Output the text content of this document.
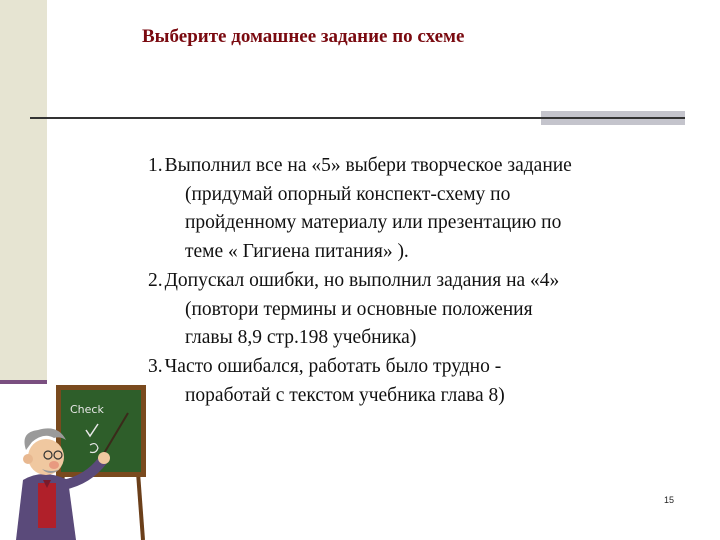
Выберите домашнее задание по схеме
1. Выполнил все на «5» выбери творческое задание
(придумай опорный конспект-схему по
пройденному материалу или презентацию по
теме « Гигиена питания» ).
2. Допускал ошибки, но выполнил задания на «4»
(повтори термины и основные положения
главы 8,9 стр.198 учебника)
3. Часто ошибался, работать было трудно -
поработай с текстом учебника глава 8)
15
Check
